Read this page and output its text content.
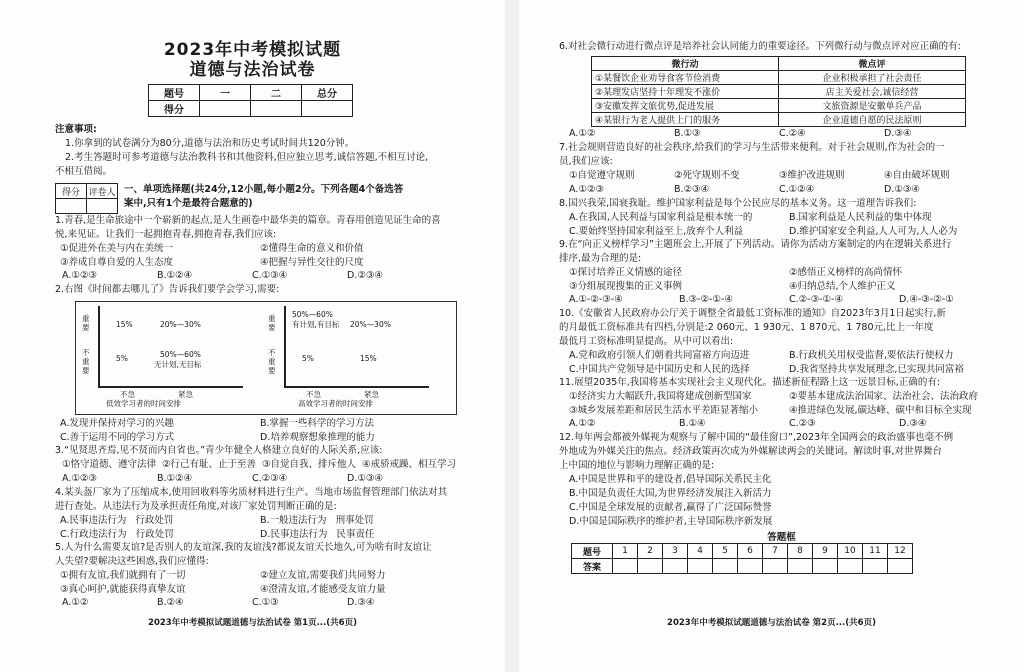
2023年中考模拟试题
道德与法治试卷
题号	一	二	总分
得分			
注意事项:
1.你拿到的试卷满分为80分,道德与法治和历史考试时间共120分钟。
2.考生答题时可参考道德与法治教科书和其他资料,但应独立思考,诚信答题,不相互讨论,
不相互借阅。
得分	评卷人
	一、单项选择题(共24分,12小题,每小题2分。下列各题4个备选答
案中,只有1个是最符合题意的)
1.青春,是生命旅途中一个崭新的起点,是人生画卷中最华美的篇章。青春用创造见证生命的喜
悦,来见证。让我们一起拥抱青春,拥抱青春,我们应该:
①促进外在美与内在美统一	②懂得生命的意义和价值
③养成自尊自爱的人生态度	④把握与异性交往的尺度
A.①②③	B.①②④	C.①③④	D.②③④
2.右图《时间都去哪儿了》告诉我们要学会学习,需要:
重要
不重要
15%	20%—30%
5%	50%—60%
无计划,无目标
不急	紧急
低效学习者的时间安排
重要
不重要
50%—60%
有计划,有目标 20%—30%
5%	15%
不急	紧急
高效学习者的时间安排
A.发现并保持对学习的兴趣	B.掌握一些科学的学习方法
C.善于运用不同的学习方式	D.培养观察想象推理的能力
3.“见贤思齐焉,见不贤而内自省也。”青少年健全人格建立良好的人际关系,应该:
①恪守道德、遵守法律 ②行己有耻、止于至善 ③自觉自我、排斥他人 ④戒骄戒躁、相互学习
A.①②③	B.①②④	C.②③④	D.①③④
4.某头盔厂家为了压缩成本,使用回收料等劣质材料进行生产。当地市场监督管理部门依法对其
进行查处。从违法行为及承担责任角度,对该厂家处罚判断正确的是:
A.民事违法行为 行政处罚	B.一般违法行为 刑事处罚
C.行政违法行为 行政处罚	D.民事违法行为 民事责任
5.人为什么需要友谊?是否别人的友谊深,我的友谊浅?都说友谊天长地久,可为啥有时友谊让
人失望?要解决这些困惑,我们应懂得:
①拥有友谊,我们就拥有了一切	②建立友谊,需要我们共同努力
③真心呵护,就能获得真挚友谊	④澄清友谊,才能感受友谊力量
A.①②	B.②④	C.①③	D.③④
2023年中考模拟试题道德与法治试卷 第1页...(共6页)
6.对社会微行动进行微点评是培养社会认同能力的重要途径。下列微行动与微点评对应正确的有:
微行动	微点评
①某餐饮企业劝导食客节俭消费	企业积极承担了社会责任
②某理发店坚持十年理发不涨价	店主关爱社会,诚信经营
③安徽发挥文旅优势,促进发展	文旅资源是安徽单兵产品
④某银行为老人提供上门的服务	企业道德自愿的民法原则
A.①②	B.①③	C.②④	D.③④
7.社会规则营造良好的社会秩序,给我们的学习与生活带来便利。对于社会规则,作为社会的一
员,我们应该:
①自觉遵守规则	②死守规则不变	③维护改进规则	④自由破坏规则
A.①②③	B.②③④	C.①②④	D.①③④
8.国兴我荣,国衰我耻。维护国家利益是每个公民应尽的基本义务。这一道理告诉我们:
A.在我国,人民利益与国家利益是根本统一的	B.国家利益是人民利益的集中体现
C.要始终坚持国家利益至上,放弃个人利益	D.维护国家安全利益,人人可为,人人必为
9.在“向正义榜样学习”主题班会上,开展了下列活动。请你为活动方案制定的内在逻辑关系进行
排序,最为合理的是:
①探讨培养正义情感的途径	②感悟正义榜样的高尚情怀
③分组展现搜集的正义事例	④归纳总结,个人维护正义
A.①-②-③-④	B.③-②-①-④	C.②-③-①-④	D.④-③-②-①
10.《安徽省人民政府办公厅关于调整全省最低工资标准的通知》自2023年3月1日起实行,新
的月最低工资标准共有四档,分别是:2 060元、1 930元、1 870元、1 780元,比上一年度
最低月工资标准明显提高。从中可以看出:
A.党和政府引领人们朝着共同富裕方向迈进	B.行政机关用权受监督,要依法行使权力
C.中国共产党领导是中国历史和人民的选择	D.我省坚持共享发展理念,已实现共同富裕
11.展望2035年,我国将基本实现社会主义现代化。描述新征程路上这一远景目标,正确的有:
①经济实力大幅跃升,我国将建成创新型国家	②要基本建成法治国家、法治社会、法治政府
③城乡发展差距和居民生活水平差距显著缩小	④推进绿色发展,碳达峰、碳中和目标全实现
A.①②	B.①④	C.②③	D.③④
12.每年两会都被外媒视为观察与了解中国的“最佳窗口”,2023年全国两会的政治盛事也毫不例
外地成为外媒关注的焦点。经济政策再次成为外媒解读两会的关键词。解读时事,对世界舞台
上中国的地位与影响力理解正确的是:
A.中国是世界和平的建设者,倡导国际关系民主化
B.中国是负责任大国,为世界经济发展注入新活力
C.中国是全球发展的贡献者,赢得了广泛国际赞誉
D.中国是国际秩序的维护者,主导国际秩序新发展
答题框
题号	1	2	3	4	5	6	7	8	9	10	11	12
答案												
2023年中考模拟试题道德与法治试卷 第2页...(共6页)
